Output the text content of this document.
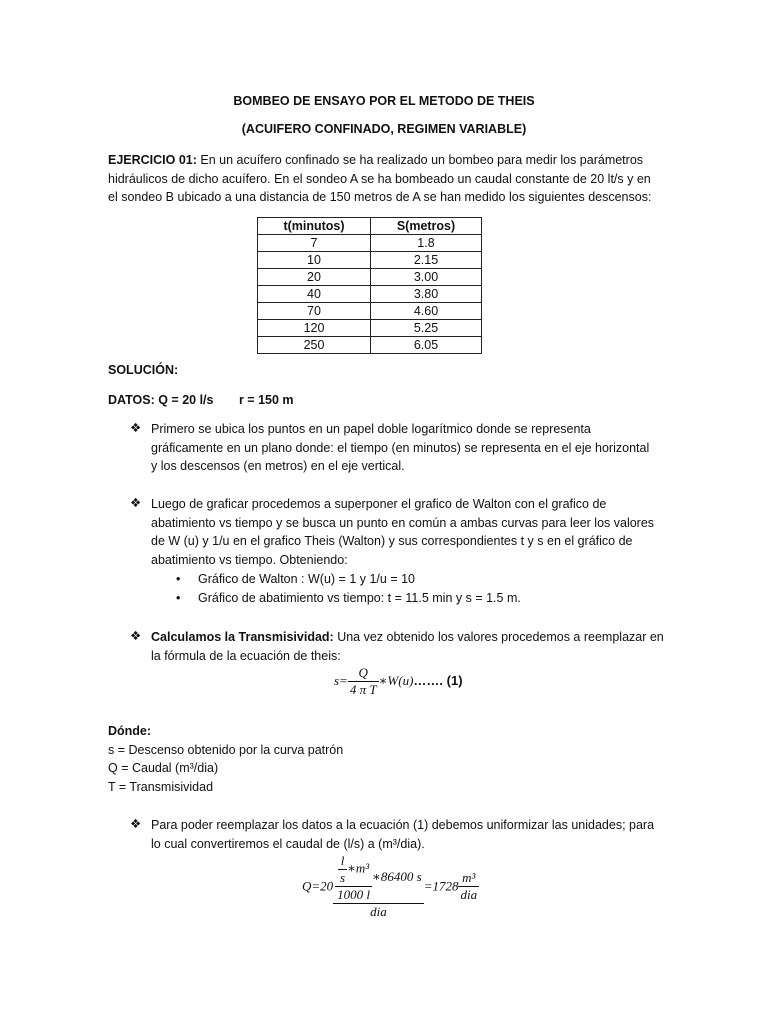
BOMBEO DE ENSAYO POR EL METODO DE THEIS
(ACUIFERO CONFINADO, REGIMEN VARIABLE)
EJERCICIO 01: En un acuífero confinado se ha realizado un bombeo para medir los parámetros
hidráulicos de dicho acuífero. En el sondeo A se ha bombeado un caudal constante de 20 lt/s y en
el sondeo B ubicado a una distancia de 150 metros de A se han medido los siguientes descensos:
t(minutos)	S(metros)
7	1.8
10	2.15
20	3.00
40	3.80
70	4.60
120	5.25
250	6.05
SOLUCIÓN:
DATOS: Q = 20 l/s r = 150 m
❖ Primero se ubica los puntos en un papel doble logarítmico donde se representa
gráficamente en un plano donde: el tiempo (en minutos) se representa en el eje horizontal
y los descensos (en metros) en el eje vertical.
❖ Luego de graficar procedemos a superponer el grafico de Walton con el grafico de
abatimiento vs tiempo y se busca un punto en común a ambas curvas para leer los valores
de W (u) y 1/u en el grafico Theis (Walton) y sus correspondientes t y s en el gráfico de
abatimiento vs tiempo. Obteniendo:
• Gráfico de Walton : W(u) = 1 y 1/u = 10
• Gráfico de abatimiento vs tiempo: t = 11.5 min y s = 1.5 m.
❖ Calculamos la Transmisividad: Una vez obtenido los valores procedemos a reemplazar en
la fórmula de la ecuación de theis:
$s= \frac{Q}{\text{4 π T}}$ ∗W(u)……. (1)
Dónde:
s = Descenso obtenido por la curva patrón
Q = Caudal (m³/dia)
T = Transmisividad
❖ Para poder reemplazar los datos a la ecuación (1) debemos uniformizar las unidades; para
lo cual convertiremos el caudal de (l/s) a (m³/dia).
$Q=20 \frac{\frac{\frac{l}{s} ∗m^3}{1000 l} ∗86400 s}{\text{dia}} =1728 \frac{\text{m³}}{\text{dia}}$
